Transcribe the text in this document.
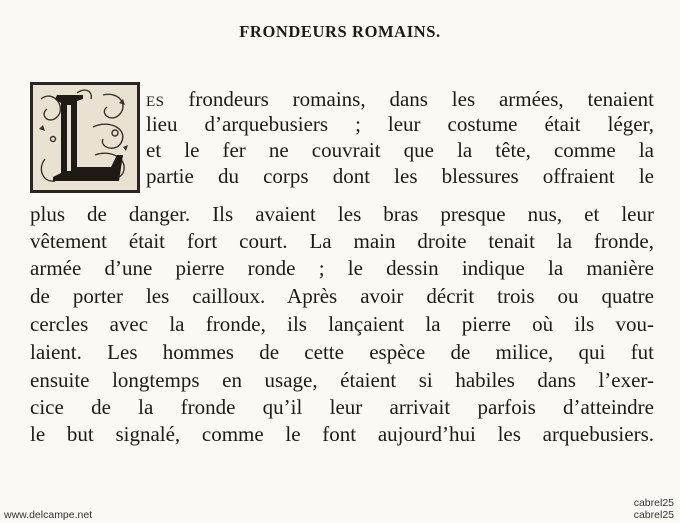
FRONDEURS ROMAINS.
ES frondeurs romains, dans les armées, tenaient
lieu d’arquebusiers ; leur costume était léger,
et le fer ne couvrait que la tête, comme la
partie du corps dont les blessures offraient le
plus de danger. Ils avaient les bras presque nus, et leur
vêtement était fort court. La main droite tenait la fronde,
armée d’une pierre ronde ; le dessin indique la manière
de porter les cailloux. Après avoir décrit trois ou quatre
cercles avec la fronde, ils lançaient la pierre où ils vou-
laient. Les hommes de cette espèce de milice, qui fut
ensuite longtemps en usage, étaient si habiles dans l’exer-
cice de la fronde qu’il leur arrivait parfois d’atteindre
le but signalé, comme le font aujourd’hui les arquebusiers.
www.delcampe.net
cabrel25
cabrel25
